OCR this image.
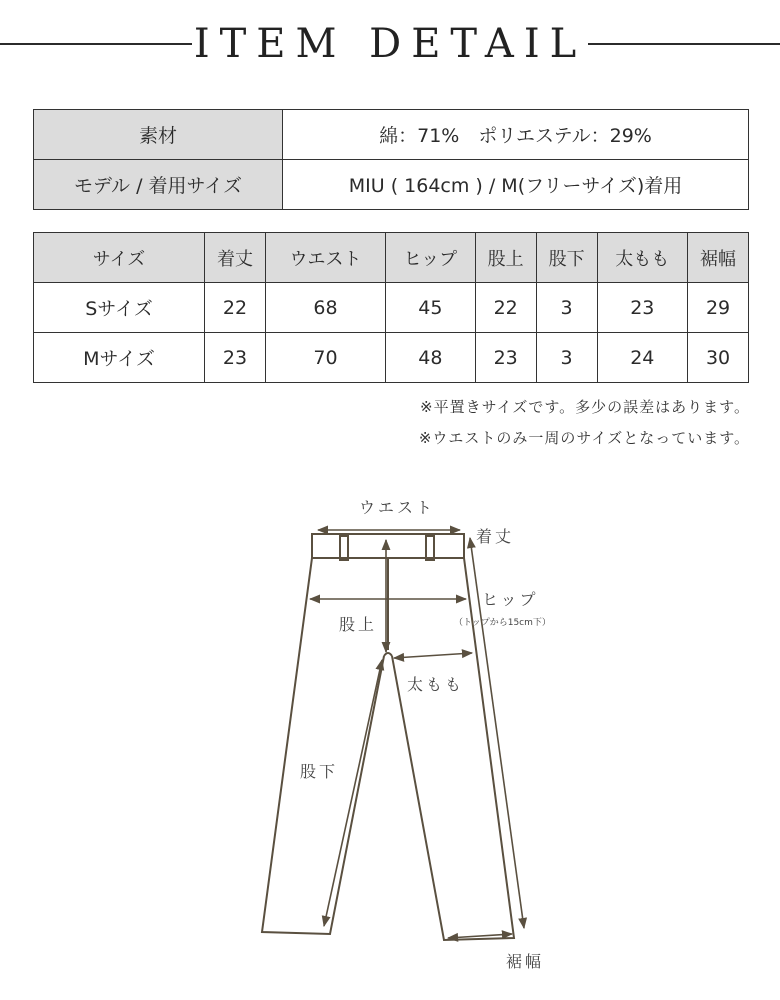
ITEM DETAIL
素材	綿：71%　ポリエステル：29%
モデル / 着用サイズ	MIU ( 164cm ) / M(フリーサイズ)着用
サイズ	着丈	ウエスト	ヒップ	股上	股下	太もも	裾幅
Sサイズ	22	68	45	22	3	23	29
Mサイズ	23	70	48	23	3	24	30
※平置きサイズです。多少の誤差はあります。
※ウエストのみ一周のサイズとなっています。
ウエスト
着丈
ヒップ
（トップから15cm下）
股上
太もも
股下
裾幅
